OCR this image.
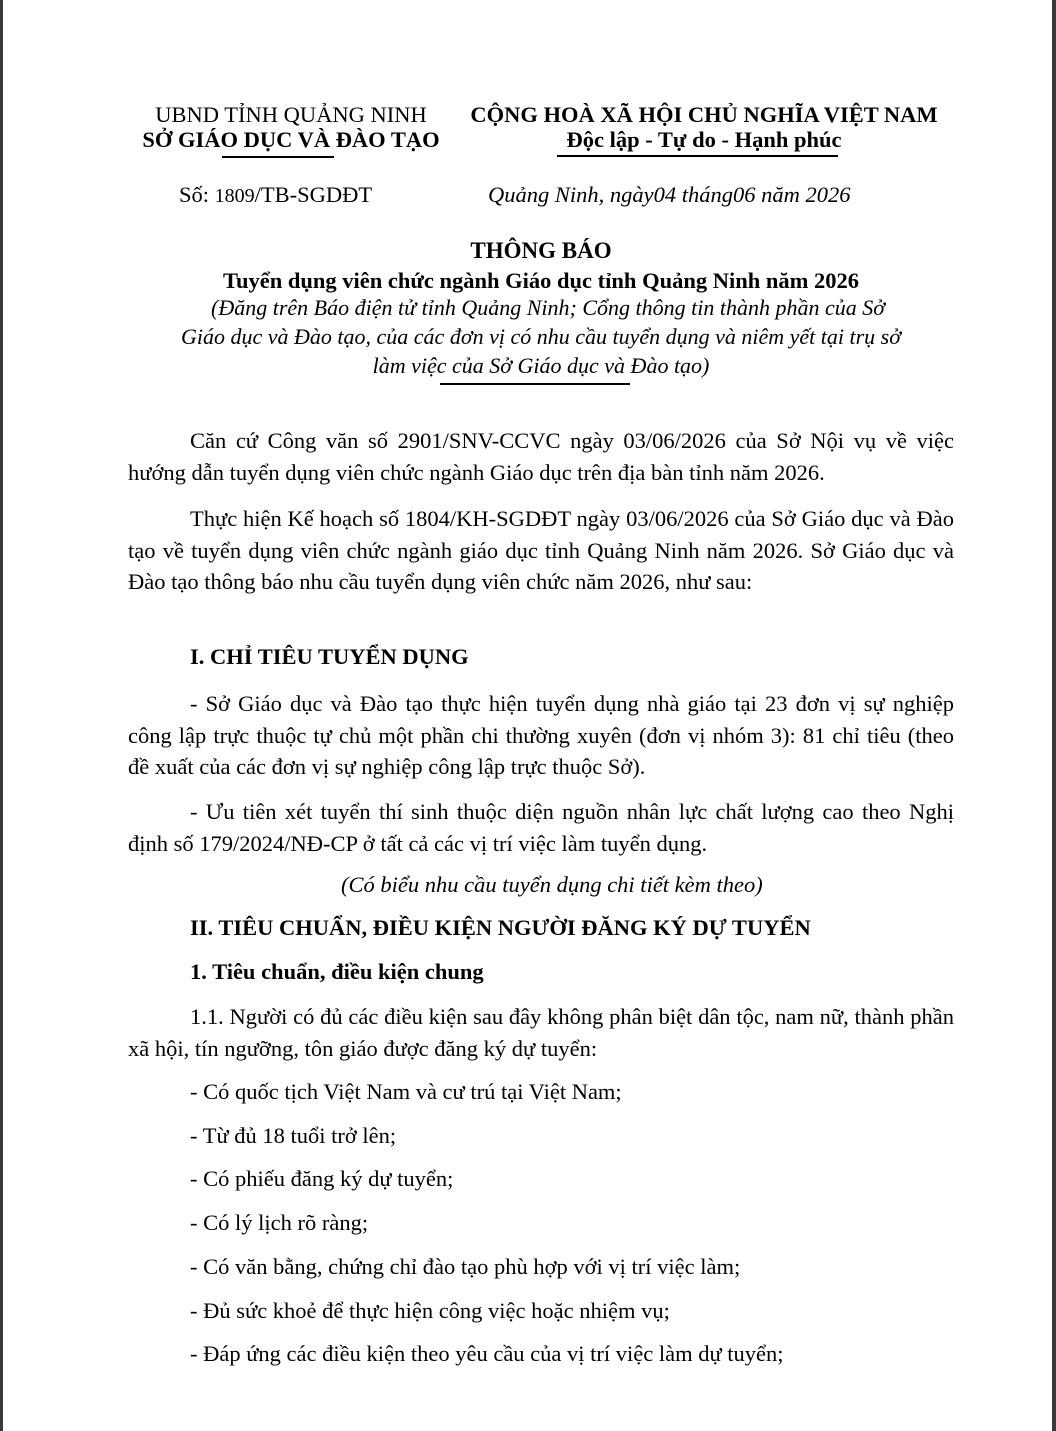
UBND TỈNH QUẢNG NINH
SỞ GIÁO DỤC VÀ ĐÀO TẠO
CỘNG HOÀ XÃ HỘI CHỦ NGHĨA VIỆT NAM
Độc lập - Tự do - Hạnh phúc
Số: 1809/TB-SGDĐT	Quảng Ninh, ngày04 tháng06 năm 2026
THÔNG BÁO
Tuyển dụng viên chức ngành Giáo dục tỉnh Quảng Ninh năm 2026
(Đăng trên Báo điện tử tỉnh Quảng Ninh; Cổng thông tin thành phần của Sở
Giáo dục và Đào tạo, của các đơn vị có nhu cầu tuyển dụng và niêm yết tại trụ sở
làm việc của Sở Giáo dục và Đào tạo)
Căn cứ Công văn số 2901/SNV-CCVC ngày 03/06/2026 của Sở Nội vụ về việc hướng dẫn tuyển dụng viên chức ngành Giáo dục trên địa bàn tỉnh năm 2026.
Thực hiện Kế hoạch số 1804/KH-SGDĐT ngày 03/06/2026 của Sở Giáo dục và Đào tạo về tuyển dụng viên chức ngành giáo dục tỉnh Quảng Ninh năm 2026. Sở Giáo dục và Đào tạo thông báo nhu cầu tuyển dụng viên chức năm 2026, như sau:
I. CHỈ TIÊU TUYỂN DỤNG
- Sở Giáo dục và Đào tạo thực hiện tuyển dụng nhà giáo tại 23 đơn vị sự nghiệp công lập trực thuộc tự chủ một phần chi thường xuyên (đơn vị nhóm 3): 81 chỉ tiêu (theo đề xuất của các đơn vị sự nghiệp công lập trực thuộc Sở).
- Ưu tiên xét tuyển thí sinh thuộc diện nguồn nhân lực chất lượng cao theo Nghị định số 179/2024/NĐ-CP ở tất cả các vị trí việc làm tuyển dụng.
(Có biểu nhu cầu tuyển dụng chi tiết kèm theo)
II. TIÊU CHUẨN, ĐIỀU KIỆN NGƯỜI ĐĂNG KÝ DỰ TUYỂN
1. Tiêu chuẩn, điều kiện chung
1.1. Người có đủ các điều kiện sau đây không phân biệt dân tộc, nam nữ, thành phần xã hội, tín ngưỡng, tôn giáo được đăng ký dự tuyển:
- Có quốc tịch Việt Nam và cư trú tại Việt Nam;
- Từ đủ 18 tuổi trở lên;
- Có phiếu đăng ký dự tuyển;
- Có lý lịch rõ ràng;
- Có văn bằng, chứng chỉ đào tạo phù hợp với vị trí việc làm;
- Đủ sức khoẻ để thực hiện công việc hoặc nhiệm vụ;
- Đáp ứng các điều kiện theo yêu cầu của vị trí việc làm dự tuyển;
